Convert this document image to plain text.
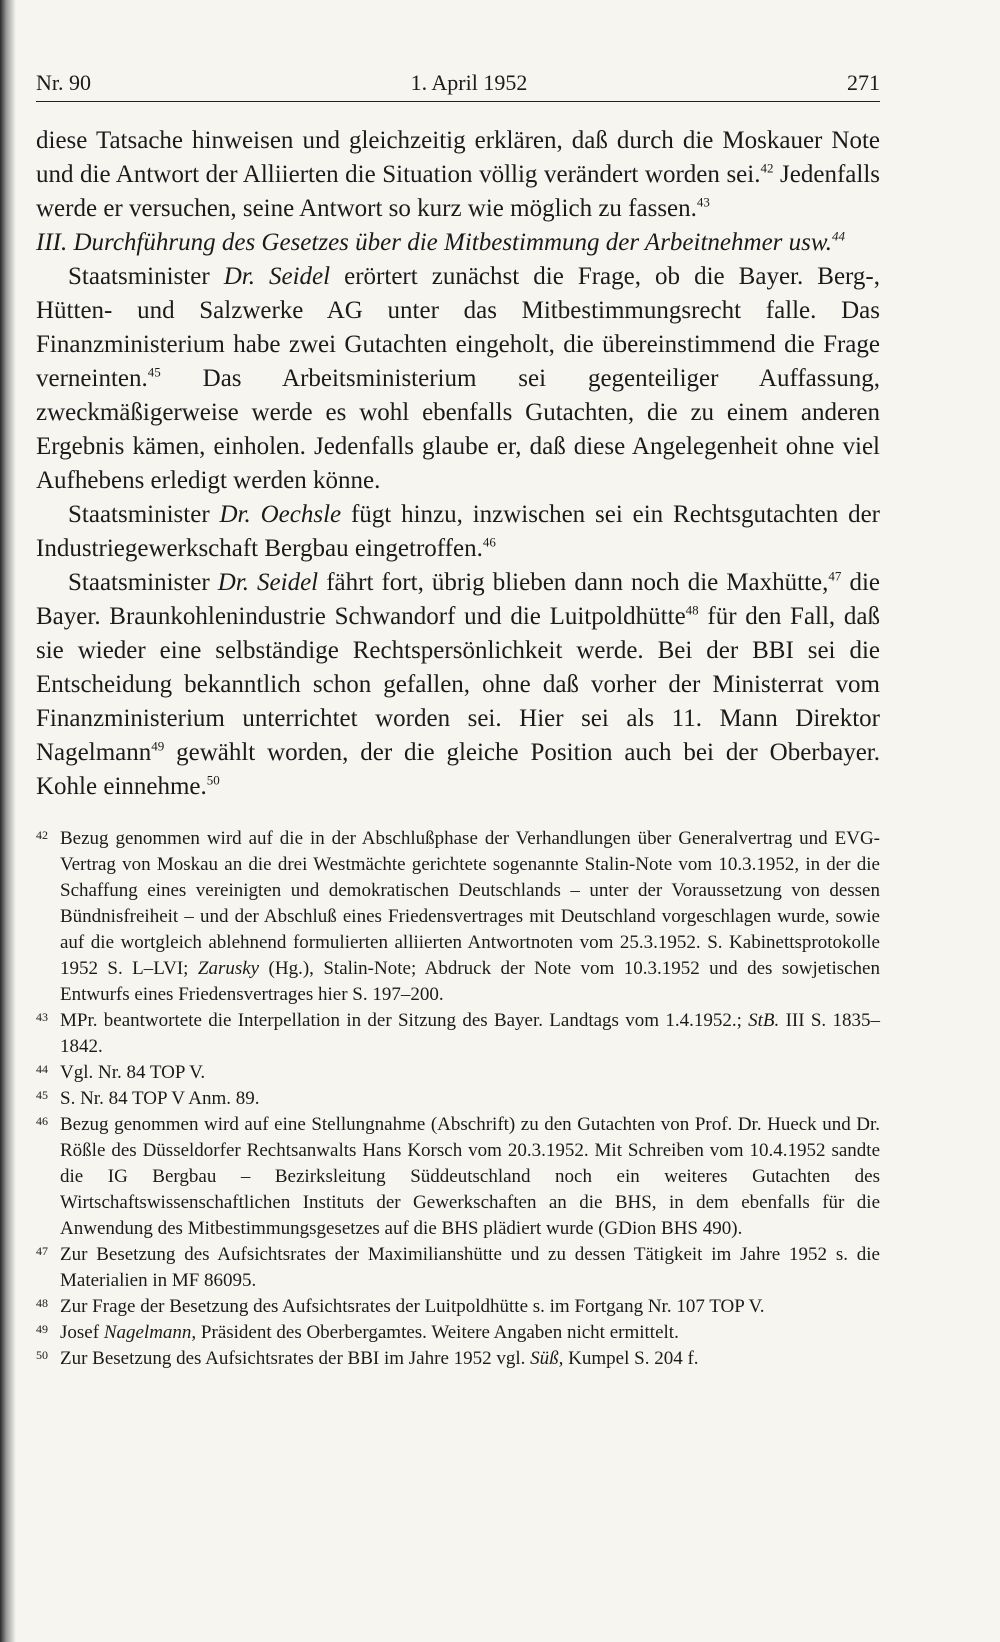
Nr. 90	1. April 1952	271

diese Tatsache hinweisen und gleichzeitig erklären, daß durch die Moskauer Note und die Antwort der Alliierten die Situation völlig verändert worden sei.$^{42}$ Jedenfalls werde er versuchen, seine Antwort so kurz wie möglich zu fassen.$^{43}$

III. Durchführung des Gesetzes über die Mitbestimmung der Arbeitnehmer usw.$^{44}$

Staatsminister Dr. Seidel erörtert zunächst die Frage, ob die Bayer. Berg-, Hütten- und Salzwerke AG unter das Mitbestimmungsrecht falle. Das Finanzministerium habe zwei Gutachten eingeholt, die übereinstimmend die Frage verneinten.$^{45}$ Das Arbeitsministerium sei gegenteiliger Auffassung, zweckmäßigerweise werde es wohl ebenfalls Gutachten, die zu einem anderen Ergebnis kämen, einholen. Jedenfalls glaube er, daß diese Angelegenheit ohne viel Aufhebens erledigt werden könne.

Staatsminister Dr. Oechsle fügt hinzu, inzwischen sei ein Rechtsgutachten der Industriegewerkschaft Bergbau eingetroffen.$^{46}$

Staatsminister Dr. Seidel fährt fort, übrig blieben dann noch die Maxhütte,$^{47}$ die Bayer. Braunkohlenindustrie Schwandorf und die Luitpoldhütte$^{48}$ für den Fall, daß sie wieder eine selbständige Rechtspersönlichkeit werde. Bei der BBI sei die Entscheidung bekanntlich schon gefallen, ohne daß vorher der Ministerrat vom Finanzministerium unterrichtet worden sei. Hier sei als 11. Mann Direktor Nagelmann$^{49}$ gewählt worden, der die gleiche Position auch bei der Oberbayer. Kohle einnehme.$^{50}$

42 Bezug genommen wird auf die in der Abschlußphase der Verhandlungen über Generalvertrag und EVG-Vertrag von Moskau an die drei Westmächte gerichtete sogenannte Stalin-Note vom 10.3.1952, in der die Schaffung eines vereinigten und demokratischen Deutschlands – unter der Voraussetzung von dessen Bündnisfreiheit – und der Abschluß eines Friedensvertrages mit Deutschland vorgeschlagen wurde, sowie auf die wortgleich ablehnend formulierten alliierten Antwortnoten vom 25.3.1952. S. Kabinettsprotokolle 1952 S. L–LVI; Zarusky (Hg.), Stalin-Note; Abdruck der Note vom 10.3.1952 und des sowjetischen Entwurfs eines Friedensvertrages hier S. 197–200.
43 MPr. beantwortete die Interpellation in der Sitzung des Bayer. Landtags vom 1.4.1952.; StB. III S. 1835–1842.
44 Vgl. Nr. 84 TOP V.
45 S. Nr. 84 TOP V Anm. 89.
46 Bezug genommen wird auf eine Stellungnahme (Abschrift) zu den Gutachten von Prof. Dr. Hueck und Dr. Rößle des Düsseldorfer Rechtsanwalts Hans Korsch vom 20.3.1952. Mit Schreiben vom 10.4.1952 sandte die IG Bergbau – Bezirksleitung Süddeutschland noch ein weiteres Gutachten des Wirtschaftswissenschaftlichen Instituts der Gewerkschaften an die BHS, in dem ebenfalls für die Anwendung des Mitbestimmungsgesetzes auf die BHS plädiert wurde (GDion BHS 490).
47 Zur Besetzung des Aufsichtsrates der Maximilianshütte und zu dessen Tätigkeit im Jahre 1952 s. die Materialien in MF 86095.
48 Zur Frage der Besetzung des Aufsichtsrates der Luitpoldhütte s. im Fortgang Nr. 107 TOP V.
49 Josef Nagelmann, Präsident des Oberbergamtes. Weitere Angaben nicht ermittelt.
50 Zur Besetzung des Aufsichtsrates der BBI im Jahre 1952 vgl. Süß, Kumpel S. 204 f.
